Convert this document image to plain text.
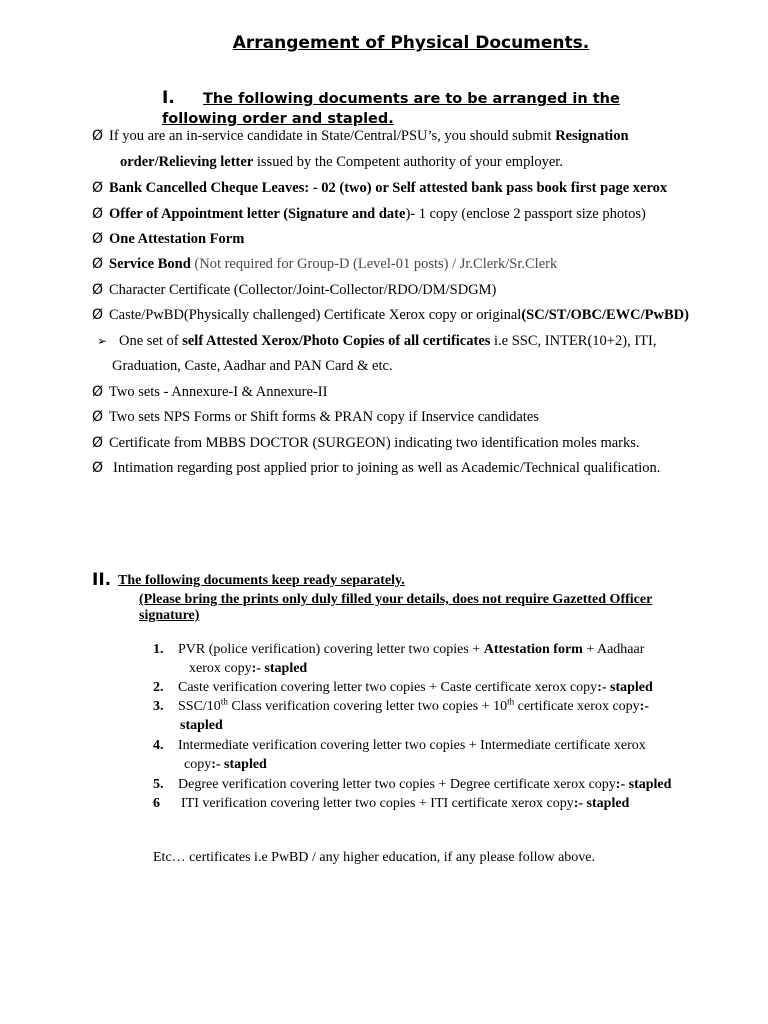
Arrangement of Physical Documents.
I. The following documents are to be arranged in the
following order and stapled.
Ø If you are an in-service candidate in State/Central/PSU’s, you should submit Resignation
order/Relieving letter issued by the Competent authority of your employer.
Ø Bank Cancelled Cheque Leaves: - 02 (two) or Self attested bank pass book first page xerox
Ø Offer of Appointment letter (Signature and date)- 1 copy (enclose 2 passport size photos)
Ø One Attestation Form
Ø Service Bond (Not required for Group-D (Level-01 posts) / Jr.Clerk/Sr.Clerk
Ø Character Certificate (Collector/Joint-Collector/RDO/DM/SDGM)
Ø Caste/PwBD(Physically challenged) Certificate Xerox copy or original(SC/ST/OBC/EWC/PwBD)
➢ One set of self Attested Xerox/Photo Copies of all certificates i.e SSC, INTER(10+2), ITI,
Graduation, Caste, Aadhar and PAN Card & etc.
Ø Two sets - Annexure-I & Annexure-II
Ø Two sets NPS Forms or Shift forms & PRAN copy if Inservice candidates
Ø Certificate from MBBS DOCTOR (SURGEON) indicating two identification moles marks.
Ø Intimation regarding post applied prior to joining as well as Academic/Technical qualification.
II. The following documents keep ready separately.
(Please bring the prints only duly filled your details, does not require Gazetted Officer
signature)
1. PVR (police verification) covering letter two copies + Attestation form + Aadhaar
xerox copy:- stapled
2. Caste verification covering letter two copies + Caste certificate xerox copy:- stapled
3. SSC/10th Class verification covering letter two copies + 10th certificate xerox copy:-
stapled
4. Intermediate verification covering letter two copies + Intermediate certificate xerox
copy:- stapled
5. Degree verification covering letter two copies + Degree certificate xerox copy:- stapled
6 ITI verification covering letter two copies + ITI certificate xerox copy:- stapled
Etc… certificates i.e PwBD / any higher education, if any please follow above.
